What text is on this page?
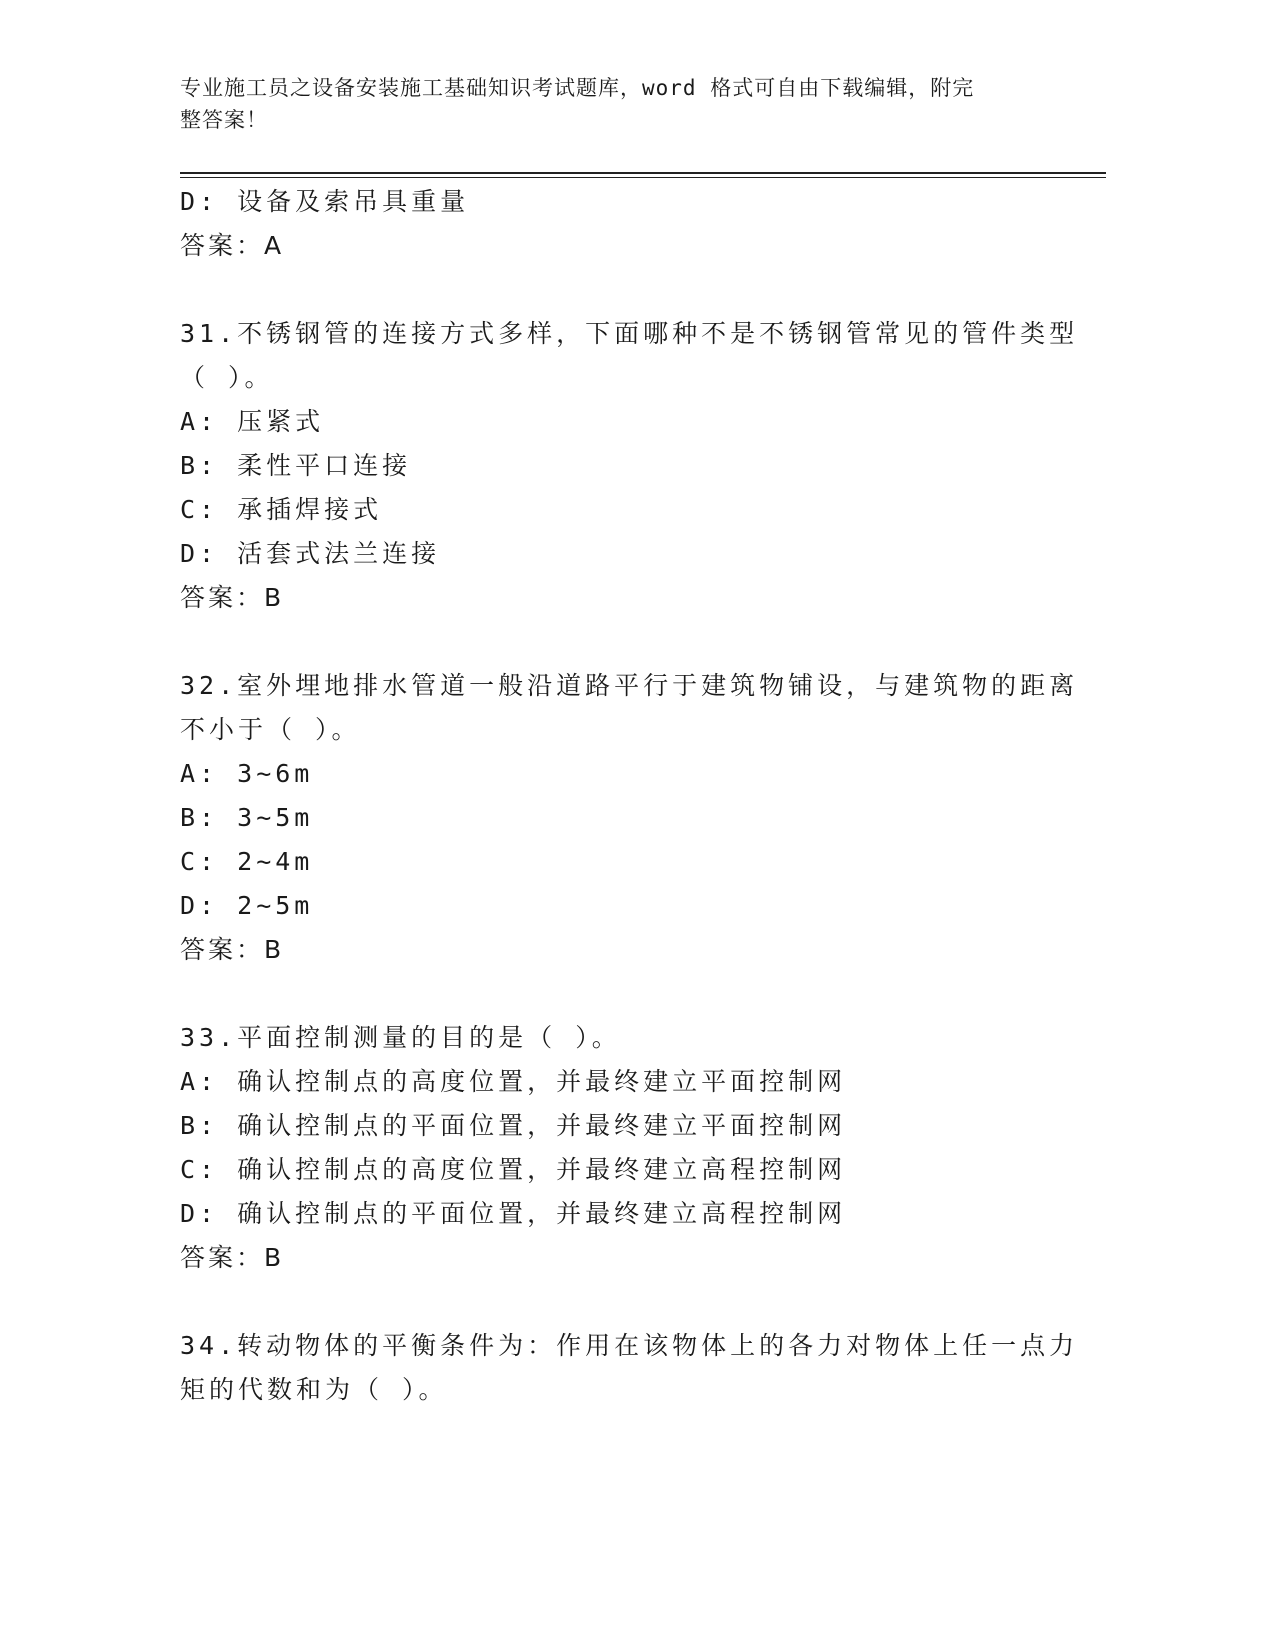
专业施工员之设备安装施工基础知识考试题库，word 格式可自由下载编辑，附完
整答案！
D: 设备及索吊具重量
答案：A
31.不锈钢管的连接方式多样，下面哪种不是不锈钢管常见的管件类型
（ ）。
A: 压紧式
B: 柔性平口连接
C: 承插焊接式
D: 活套式法兰连接
答案：B
32.室外埋地排水管道一般沿道路平行于建筑物铺设，与建筑物的距离
不小于（ ）。
A: 3~6m
B: 3~5m
C: 2~4m
D: 2~5m
答案：B
33.平面控制测量的目的是（ ）。
A: 确认控制点的高度位置，并最终建立平面控制网
B: 确认控制点的平面位置，并最终建立平面控制网
C: 确认控制点的高度位置，并最终建立高程控制网
D: 确认控制点的平面位置，并最终建立高程控制网
答案：B
34.转动物体的平衡条件为：作用在该物体上的各力对物体上任一点力
矩的代数和为（ ）。
